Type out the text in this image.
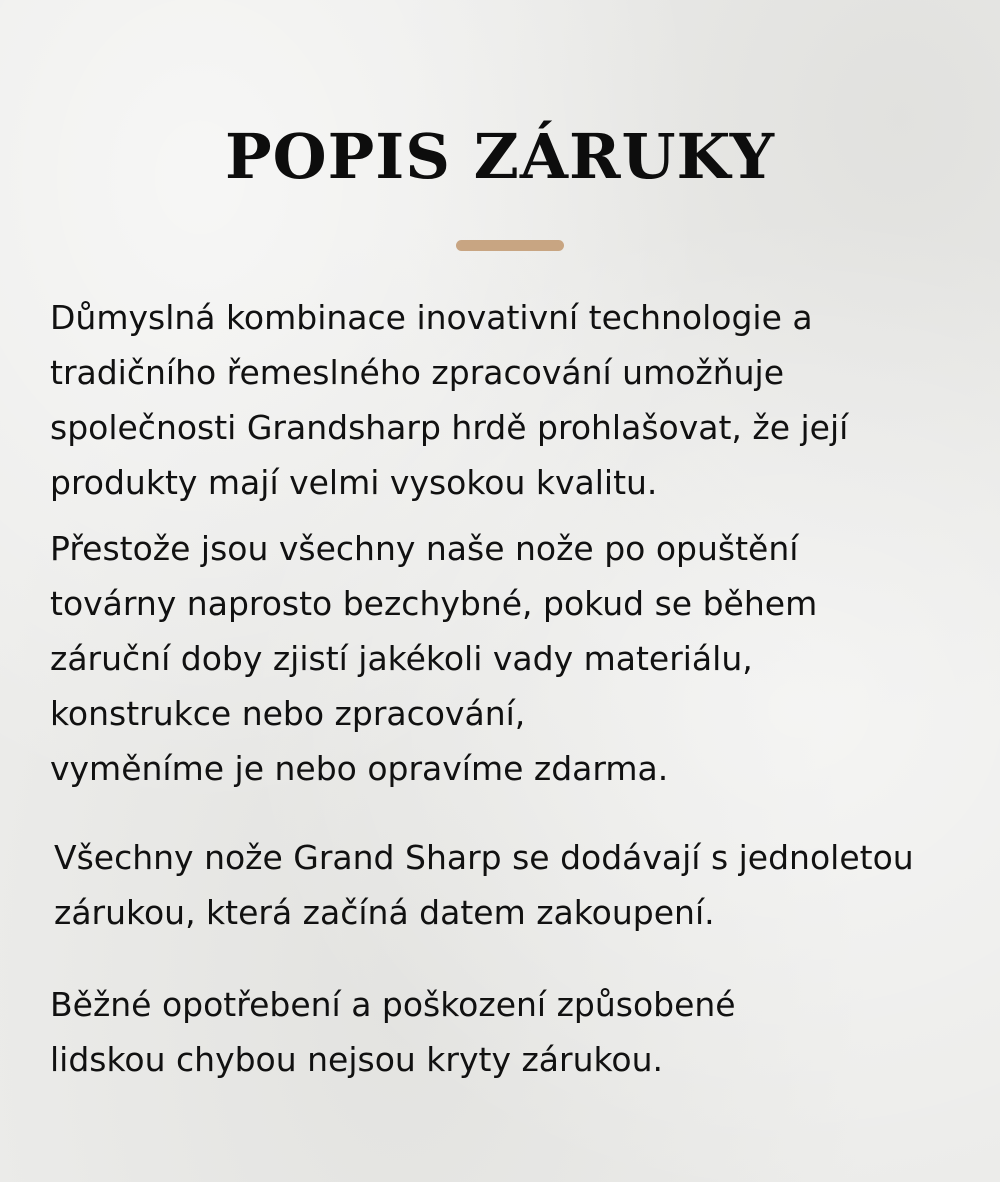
POPIS ZÁRUKY

Důmyslná kombinace inovativní technologie a
tradičního řemeslného zpracování umožňuje
společnosti Grandsharp hrdě prohlašovat, že její
produkty mají velmi vysokou kvalitu.

Přestože jsou všechny naše nože po opuštění
továrny naprosto bezchybné, pokud se během
záruční doby zjistí jakékoli vady materiálu,
konstrukce nebo zpracování,
vyměníme je nebo opravíme zdarma.

Všechny nože Grand Sharp se dodávají s jednoletou
zárukou, která začíná datem zakoupení.

Běžné opotřebení a poškození způsobené
lidskou chybou nejsou kryty zárukou.
